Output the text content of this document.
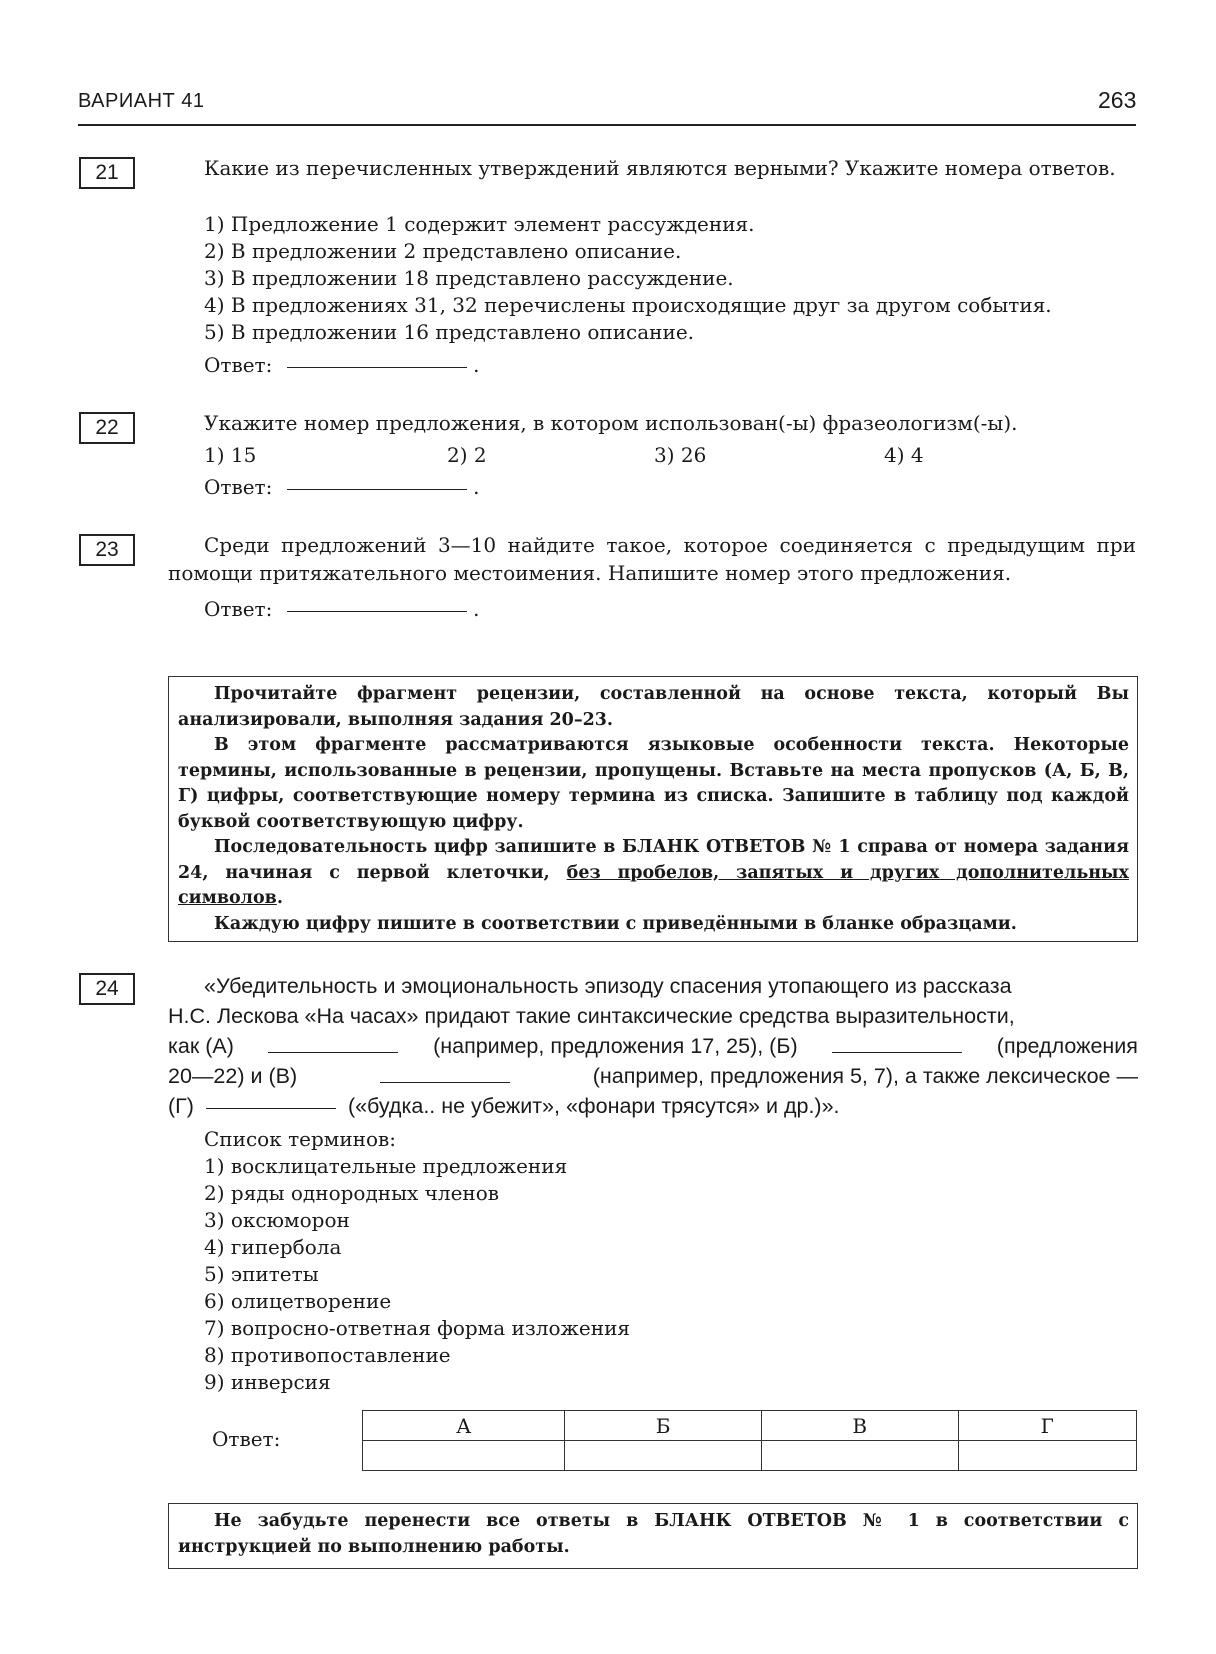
ВАРИАНТ 41	263
21	Какие из перечисленных утверждений являются верными? Укажите номера ответов.
1) Предложение 1 содержит элемент рассуждения.
2) В предложении 2 представлено описание.
3) В предложении 18 представлено рассуждение.
4) В предложениях 31, 32 перечислены происходящие друг за другом события.
5) В предложении 16 представлено описание.
Ответ:	.
22	Укажите номер предложения, в котором использован(-ы) фразеологизм(-ы).
1) 15	2) 2	3) 26	4) 4
Ответ:	.
23	Среди предложений 3—10 найдите такое, которое соединяется с предыдущим при помощи притяжательного местоимения. Напишите номер этого предложения.
Ответ:	.

Прочитайте фрагмент рецензии, составленной на основе текста, который Вы анализировали, выполняя задания 20–23.

В этом фрагменте рассматриваются языковые особенности текста. Некоторые термины, использованные в рецензии, пропущены. Вставьте на места пропусков (А, Б, В, Г) цифры, соответствующие номеру термина из списка. Запишите в таблицу под каждой буквой соответствующую цифру.

Последовательность цифр запишите в БЛАНК ОТВЕТОВ № 1 справа от номера задания 24, начиная с первой клеточки, без пробелов, запятых и других дополнительных символов.

Каждую цифру пишите в соответствии с приведёнными в бланке образцами.

24	«Убедительность и эмоциональность эпизоду спасения утопающего из рассказа
Н.С. Лескова «На часах» придают такие синтаксические средства выразительности,
как (А)	(например, предложения 17, 25), (Б)	(предложения
20—22) и (В)	(например, предложения 5, 7), а также лексическое —
(Г)	(«будка.. не убежит», «фонари трясутся» и др.)».
Список терминов:
1) восклицательные предложения
2) ряды однородных членов
3) оксюморон
4) гипербола
5) эпитеты
6) олицетворение
7) вопросно-ответная форма изложения
8) противопоставление
9) инверсия
Ответ:
А	Б	В	Г

Не забудьте перенести все ответы в БЛАНК ОТВЕТОВ № 1 в соответствии с инструкцией по выполнению работы.
